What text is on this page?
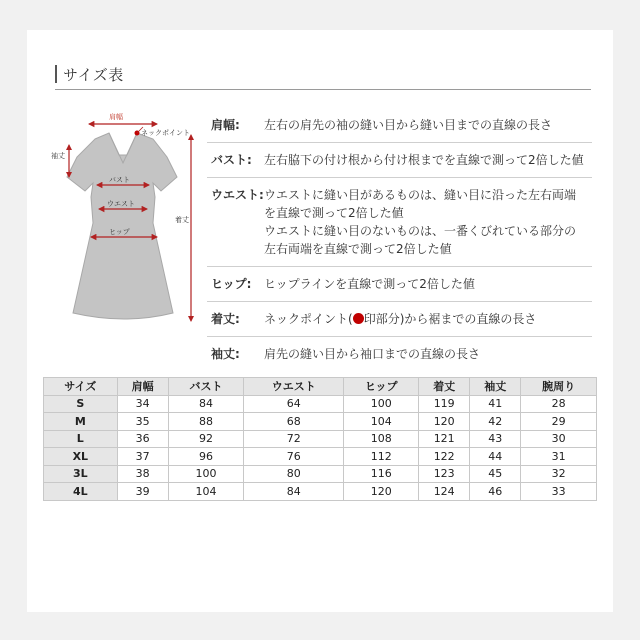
サイズ表
肩幅
ネックポイント
袖丈
バスト
ウエスト
ヒップ
着丈
肩幅:	左右の肩先の袖の縫い目から縫い目までの直線の長さ
バスト:	左右脇下の付け根から付け根までを直線で測って2倍した値
ウエスト: ウエストに縫い目があるものは、縫い目に沿った左右両端
を直線で測って2倍した値
ウエストに縫い目のないものは、一番くびれている部分の
左右両端を直線で測って2倍した値
ヒップ:	ヒップラインを直線で測って2倍した値
着丈:	ネックポイント( 印部分)から裾までの直線の長さ
袖丈:	肩先の縫い目から袖口までの直線の長さ
サイズ	肩幅	バスト	ウエスト	ヒップ	着丈	袖丈	腕周り
S	34	84	64	100	119	41	28
M	35	88	68	104	120	42	29
L	36	92	72	108	121	43	30
XL	37	96	76	112	122	44	31
3L	38	100	80	116	123	45	32
4L	39	104	84	120	124	46	33
